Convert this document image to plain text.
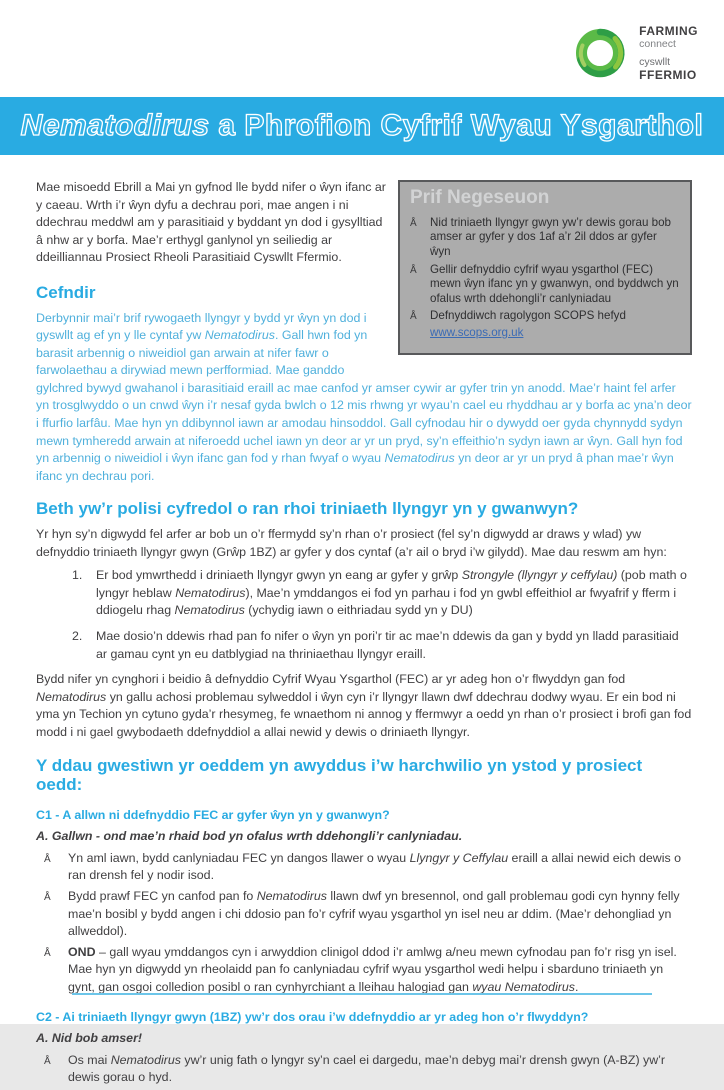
FARMING
connect
cyswllt
FFERMIO
Nematodirus a Phrofion Cyfrif Wyau Ysgarthol
Prif Negeseuon
Å	Nid triniaeth llyngyr gwyn yw’r dewis gorau bob amser ar gyfer y dos 1af a’r 2il ddos ar gyfer ŵyn
Å	Gellir defnyddio cyfrif wyau ysgarthol (FEC) mewn ŵyn ifanc yn y gwanwyn, ond byddwch yn ofalus wrth ddehongli’r canlyniadau
Å	Defnyddiwch ragolygon SCOPS hefyd
www.scops.org.uk

Mae misoedd Ebrill a Mai yn gyfnod lle bydd nifer o ŵyn ifanc ar y caeau. Wrth i’r ŵyn dyfu a dechrau pori, mae angen i ni ddechrau meddwl am y parasitiaid y byddant yn dod i gysylltiad â nhw ar y borfa. Mae’r erthygl ganlynol yn seiliedig ar ddeilliannau Prosiect Rheoli Parasitiaid Cyswllt Ffermio.

Cefndir

Derbynnir mai’r brif rywogaeth llyngyr y bydd yr ŵyn yn dod i gyswllt ag ef yn y lle cyntaf yw Nematodirus. Gall hwn fod yn barasit arbennig o niweidiol gan arwain at nifer fawr o farwolaethau a dirywiad mewn perfformiad. Mae ganddo gylchred bywyd gwahanol i barasitiaid eraill ac mae canfod yr amser cywir ar gyfer trin yn anodd. Mae’r haint fel arfer yn trosglwyddo o un cnwd ŵyn i’r nesaf gyda bwlch o 12 mis rhwng yr wyau’n cael eu rhyddhau ar y borfa ac yna’n deor i ffurfio larfâu. Mae hyn yn ddibynnol iawn ar amodau hinsoddol. Gall cyfnodau hir o dywydd oer gyda chynnydd sydyn mewn tymheredd arwain at niferoedd uchel iawn yn deor ar yr un pryd, sy’n effeithio’n sydyn iawn ar ŵyn. Gall hyn fod yn arbennig o niweidiol i ŵyn ifanc gan fod y rhan fwyaf o wyau Nematodirus yn deor ar yr un pryd â phan mae’r ŵyn ifanc yn dechrau pori.

Beth yw’r polisi cyfredol o ran rhoi triniaeth llyngyr yn y gwanwyn?

Yr hyn sy’n digwydd fel arfer ar bob un o’r ffermydd sy’n rhan o’r prosiect (fel sy’n digwydd ar draws y wlad) yw defnyddio triniaeth llyngyr gwyn (Grŵp 1BZ) ar gyfer y dos cyntaf (a’r ail o bryd i’w gilydd). Mae dau reswm am hyn:

1.	Er bod ymwrthedd i driniaeth llyngyr gwyn yn eang ar gyfer y grŵp Strongyle (llyngyr y ceffylau) (pob math o lyngyr heblaw Nematodirus), Mae’n ymddangos ei fod yn parhau i fod yn gwbl effeithiol ar fwyafrif y fferm i ddiogelu rhag Nematodirus (ychydig iawn o eithriadau sydd yn y DU)
2.	Mae dosio’n ddewis rhad pan fo nifer o ŵyn yn pori’r tir ac mae’n ddewis da gan y bydd yn lladd parasitiaid ar gamau cynt yn eu datblygiad na thriniaethau llyngyr eraill.

Bydd nifer yn cynghori i beidio â defnyddio Cyfrif Wyau Ysgarthol (FEC) ar yr adeg hon o’r flwyddyn gan fod Nematodirus yn gallu achosi problemau sylweddol i ŵyn cyn i’r llyngyr llawn dwf ddechrau dodwy wyau. Er ein bod ni yma yn Techion yn cytuno gyda’r rhesymeg, fe wnaethom ni annog y ffermwyr a oedd yn rhan o’r prosiect i brofi gan fod modd i ni gael gwybodaeth ddefnyddiol a allai newid y dewis o driniaeth llyngyr.

Y ddau gwestiwn yr oeddem yn awyddus i’w harchwilio yn ystod y prosiect oedd:
C1 - A allwn ni ddefnyddio FEC ar gyfer ŵyn yn y gwanwyn?
A. Gallwn - ond mae’n rhaid bod yn ofalus wrth ddehongli’r canlyniadau.
Å	Yn aml iawn, bydd canlyniadau FEC yn dangos llawer o wyau Llyngyr y Ceffylau eraill a allai newid eich dewis o ran drensh fel y nodir isod.
Å	Bydd prawf FEC yn canfod pan fo Nematodirus llawn dwf yn bresennol, ond gall problemau godi cyn hynny felly mae’n bosibl y bydd angen i chi ddosio pan fo’r cyfrif wyau ysgarthol yn isel neu ar ddim. (Mae’r dehongliad yn allweddol).
Å	OND – gall wyau ymddangos cyn i arwyddion clinigol ddod i’r amlwg a/neu mewn cyfnodau pan fo’r risg yn isel. Mae hyn yn digwydd yn rheolaidd pan fo canlyniadau cyfrif wyau ysgarthol wedi helpu i sbarduno triniaeth yn gynt, gan osgoi colledion posibl o ran cynhyrchiant a lleihau halogiad gan wyau Nematodirus.
C2 - Ai triniaeth llyngyr gwyn (1BZ) yw’r dos orau i’w ddefnyddio ar yr adeg hon o’r flwyddyn?
A. Nid bob amser!
Å	Os mai Nematodirus yw’r unig fath o lyngyr sy’n cael ei dargedu, mae’n debyg mai’r drensh gwyn (A-BZ) yw’r dewis gorau o hyd.
